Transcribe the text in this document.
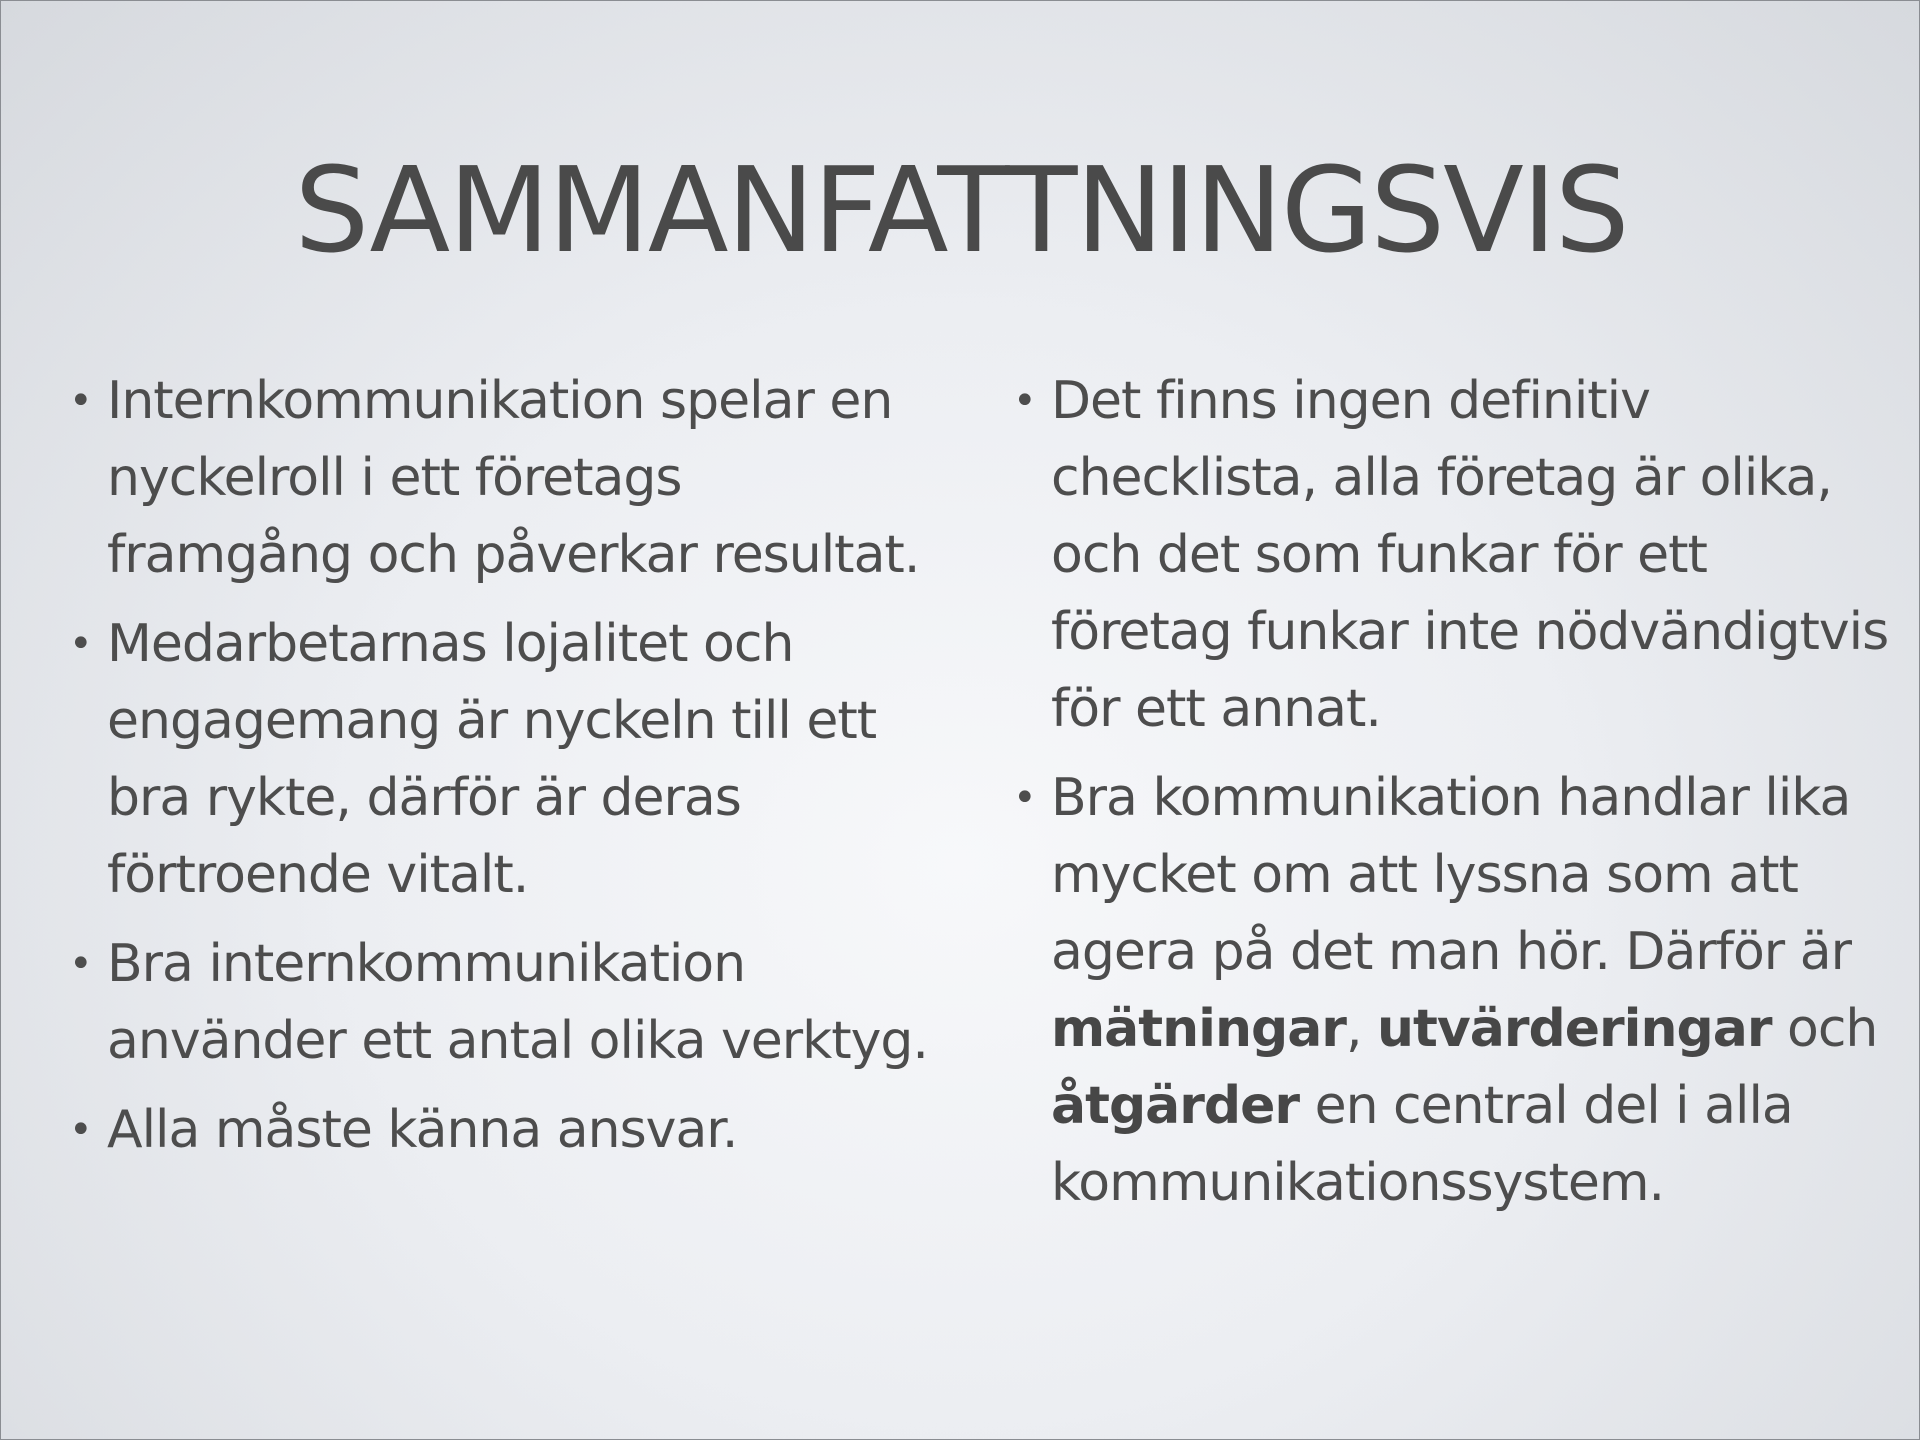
SAMMANFATTNINGSVIS
• Internkommunikation spelar en nyckelroll i ett företags framgång och påverkar resultat.
• Medarbetarnas lojalitet och engagemang är nyckeln till ett bra rykte, därför är deras förtroende vitalt.
• Bra internkommunikation använder ett antal olika verktyg.
• Alla måste känna ansvar.
• Det finns ingen definitiv checklista, alla företag är olika, och det som funkar för ett företag funkar inte nödvändigtvis för ett annat.
• Bra kommunikation handlar lika mycket om att lyssna som att agera på det man hör. Därför är mätningar, utvärderingar och åtgärder en central del i alla kommunikationssystem.
